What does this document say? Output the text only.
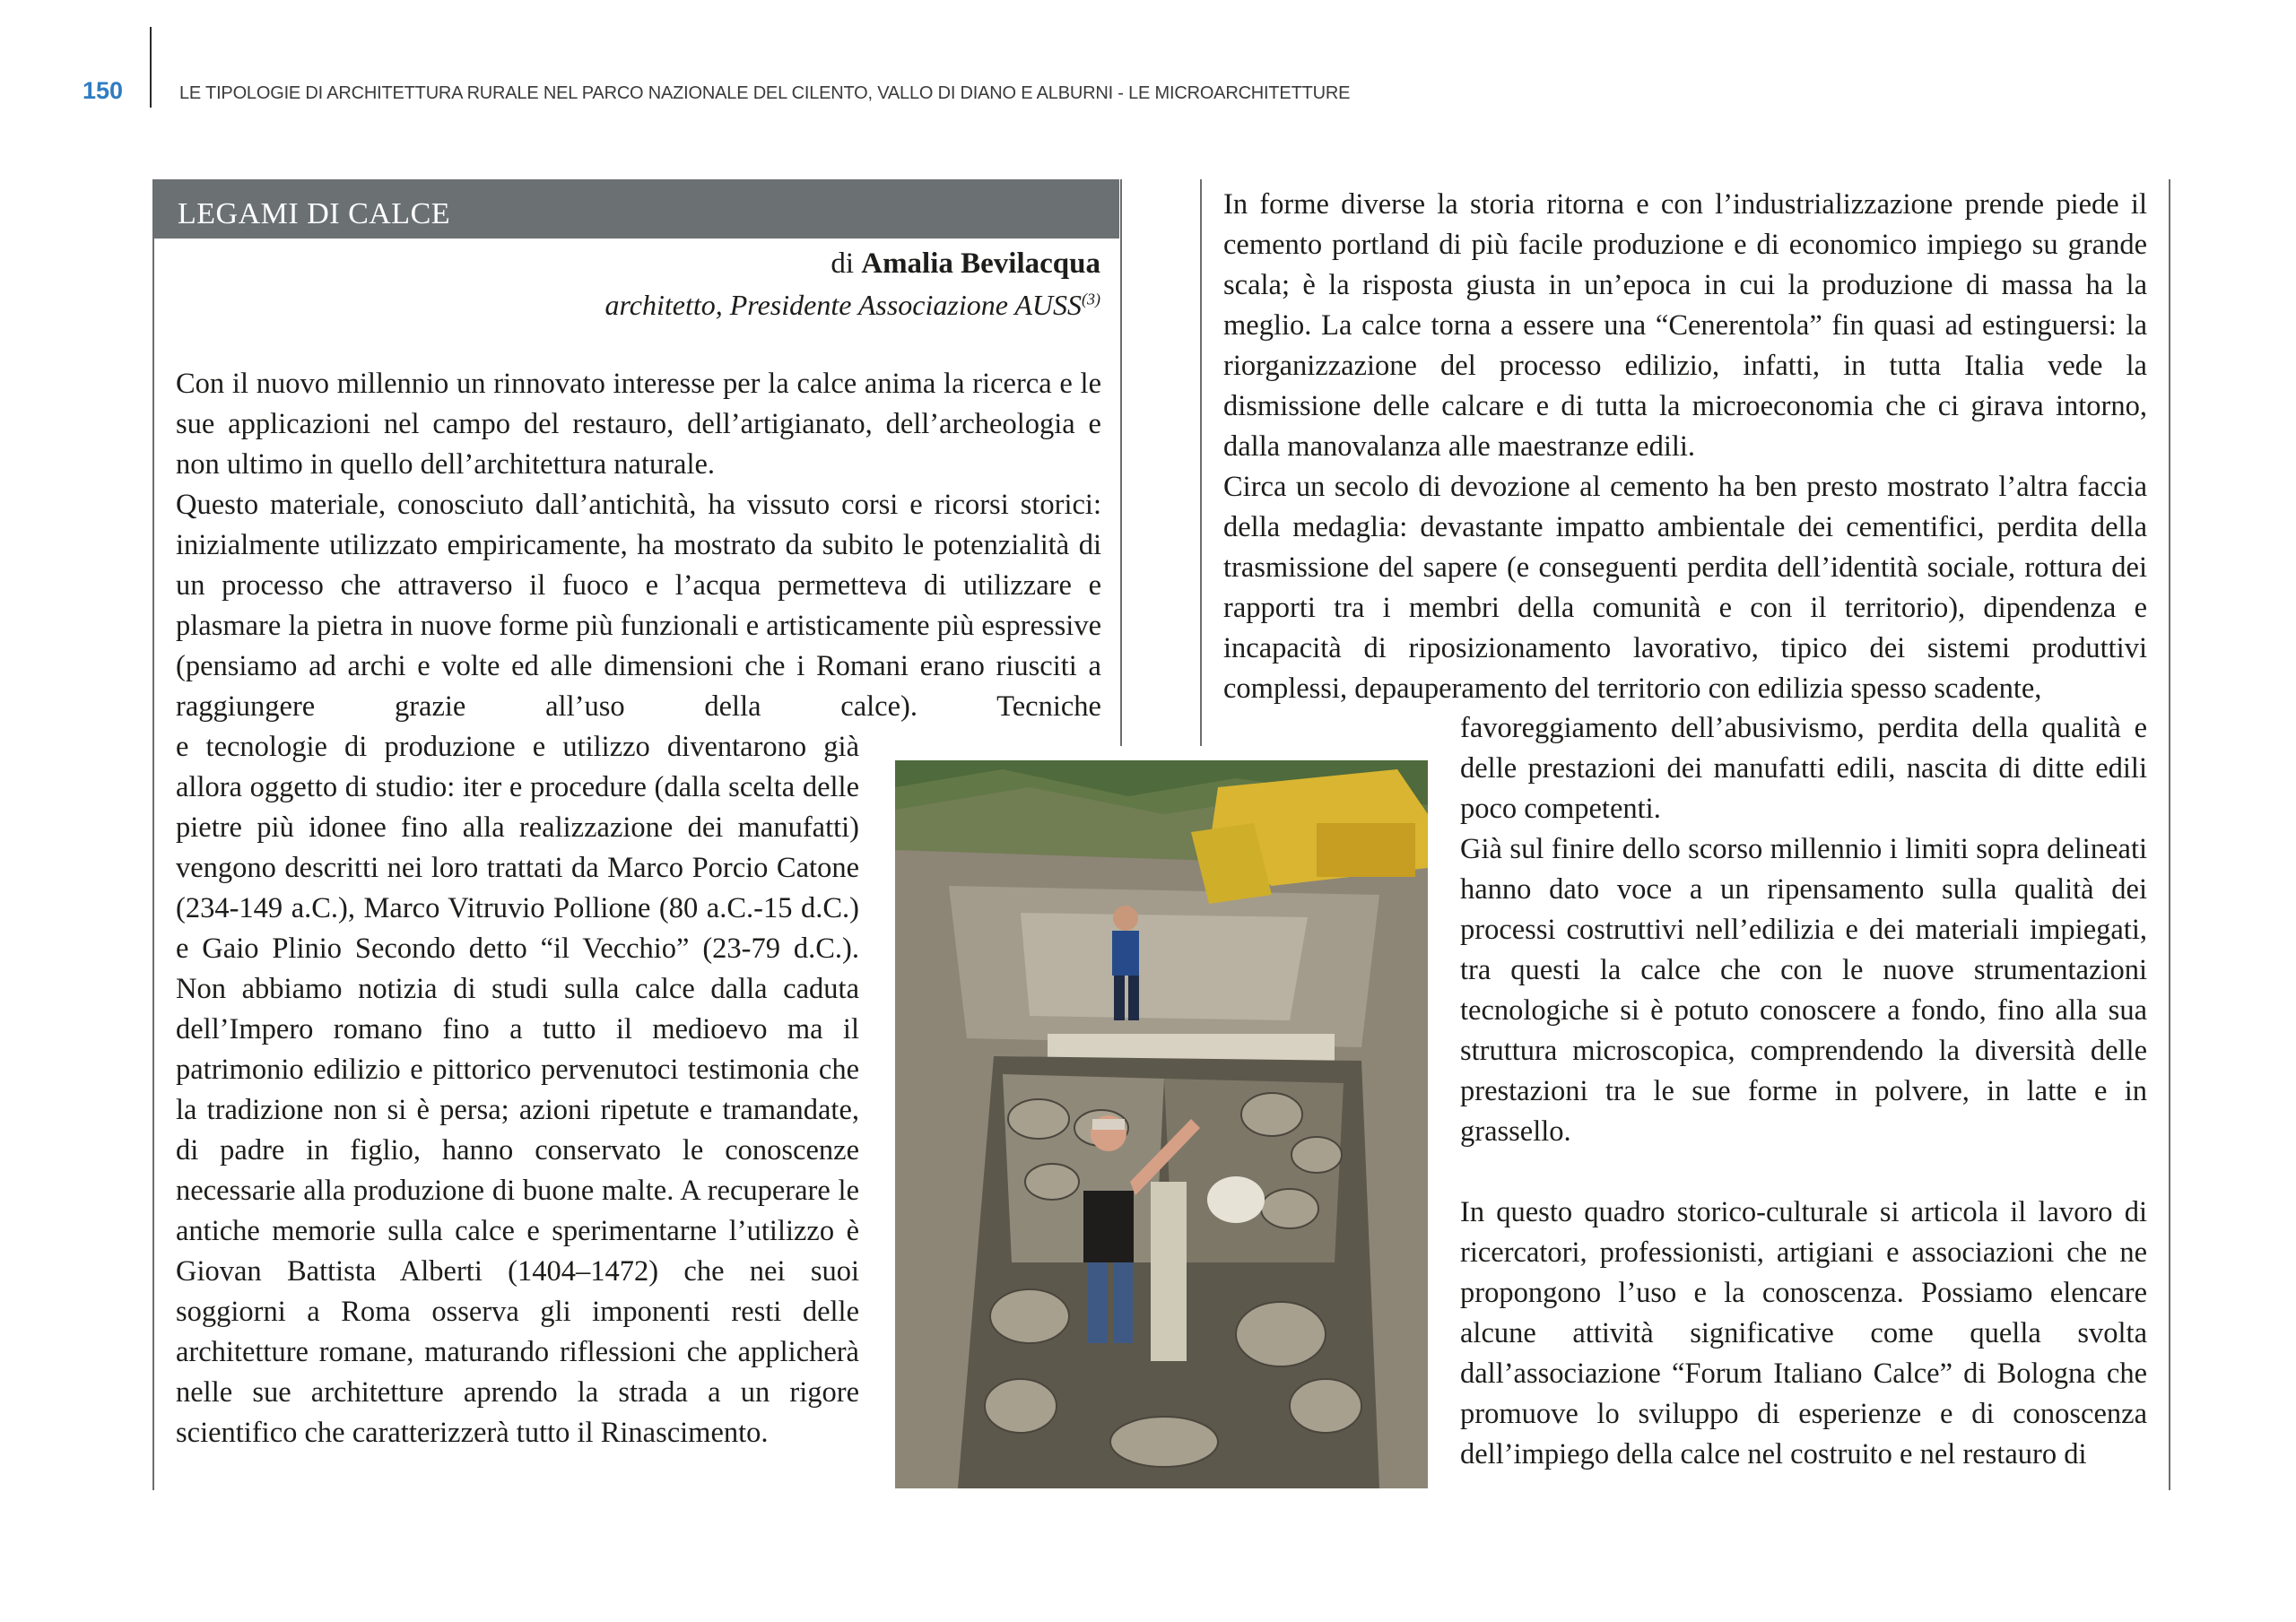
150	LE TIPOLOGIE DI ARCHITETTURA RURALE NEL PARCO NAZIONALE DEL CILENTO, VALLO DI DIANO E ALBURNI - LE MICROARCHITETTURE
LEGAMI DI CALCE
di Amalia Bevilacqua
architetto, Presidente Associazione AUSS$^{(3)}$

Con il nuovo millennio un rinnovato interesse per la calce anima la ricerca e le sue applicazioni nel campo del restauro, dell’artigianato, dell’archeologia e non ultimo in quello dell’architettura naturale.

Questo materiale, conosciuto dall’antichità, ha vissuto corsi e ricorsi storici: inizialmente utilizzato empiricamente, ha mostrato da subito le potenzialità di un processo che attraverso il fuoco e l’acqua permetteva di utilizzare e plasmare la pietra in nuove forme più funzionali e artisticamente più espressive (pensiamo ad archi e volte ed alle dimensioni che i Romani erano riusciti a raggiungere grazie all’uso della calce). Tecniche

e tecnologie di produzione e utilizzo diventarono già allora oggetto di studio: iter e procedure (dalla scelta delle pietre più idonee fino alla realizzazione dei manufatti) vengono descritti nei loro trattati da Marco Porcio Catone (234-149 a.C.), Marco Vitruvio Pollione (80 a.C.-15 d.C.) e Gaio Plinio Secondo detto “il Vecchio” (23-79 d.C.). Non abbiamo notizia di studi sulla calce dalla caduta dell’Impero romano fino a tutto il medioevo ma il patrimonio edilizio e pittorico pervenutoci testimonia che la tradizione non si è persa; azioni ripetute e tramandate, di padre in figlio, hanno conservato le conoscenze necessarie alla produzione di buone malte. A recuperare le antiche memorie sulla calce e sperimentarne l’utilizzo è Giovan Battista Alberti (1404–1472) che nei suoi soggiorni a Roma osserva gli imponenti resti delle architetture romane, maturando riflessioni che applicherà nelle sue architetture aprendo la strada a un rigore scientifico che caratterizzerà tutto il Rinascimento.

In forme diverse la storia ritorna e con l’industrializzazione prende piede il cemento portland di più facile produzione e di economico impiego su grande scala; è la risposta giusta in un’epoca in cui la produzione di massa ha la meglio. La calce torna a essere una “Cenerentola” fin quasi ad estinguersi: la riorganizzazione del processo edilizio, infatti, in tutta Italia vede la dismissione delle calcare e di tutta la microeconomia che ci girava intorno, dalla manovalanza alle maestranze edili.

Circa un secolo di devozione al cemento ha ben presto mostrato l’altra faccia della medaglia: devastante impatto ambientale dei cementifici, perdita della trasmissione del sapere (e conseguenti perdita dell’identità sociale, rottura dei rapporti tra i membri della comunità e con il territorio), dipendenza e incapacità di riposizionamento lavorativo, tipico dei sistemi produttivi complessi, depauperamento del territorio con edilizia spesso scadente,

favoreggiamento dell’abusivismo, perdita della qualità e delle prestazioni dei manufatti edili, nascita di ditte edili poco competenti.

Già sul finire dello scorso millennio i limiti sopra delineati hanno dato voce a un ripensamento sulla qualità dei processi costruttivi nell’edilizia e dei materiali impiegati, tra questi la calce che con le nuove strumentazioni tecnologiche si è potuto conoscere a fondo, fino alla sua struttura microscopica, comprendendo la diversità delle prestazioni tra le sue forme in polvere, in latte e in grassello.

In questo quadro storico-culturale si articola il lavoro di ricercatori, professionisti, artigiani e associazioni che ne propongono l’uso e la conoscenza. Possiamo elencare alcune attività significative come quella svolta dall’associazione “Forum Italiano Calce” di Bologna che promuove lo sviluppo di esperienze e di conoscenza dell’impiego della calce nel costruito e nel restauro di
